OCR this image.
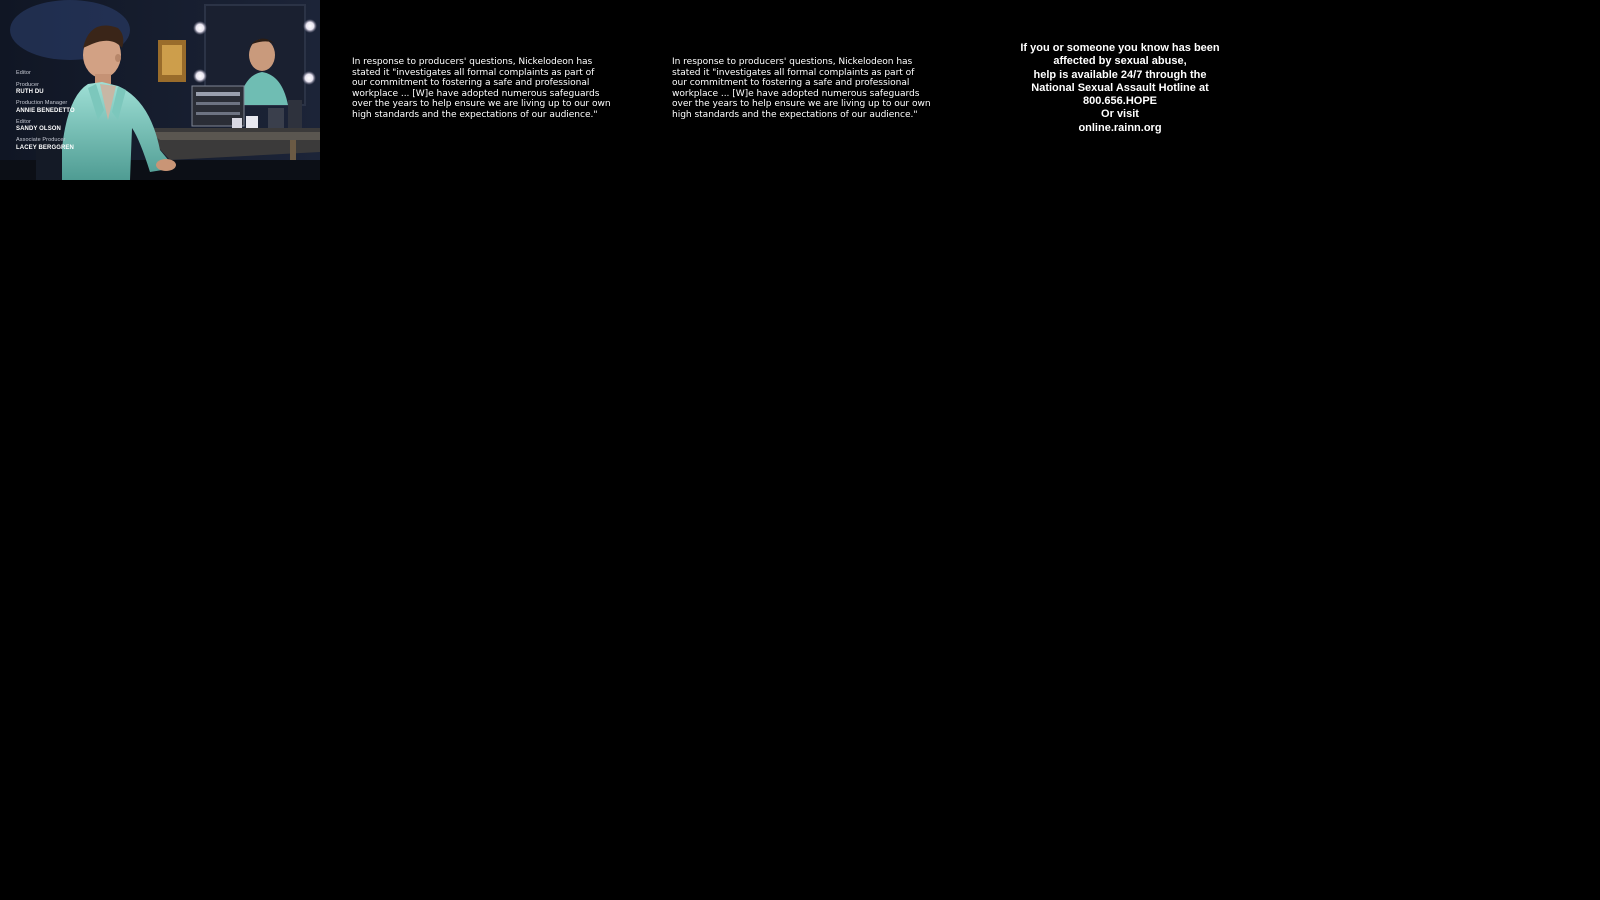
Editor
Producer
RUTH DU
Production Manager
ANNIE BENEDETTO
Editor
SANDY OLSON
Associate Producer
LACEY BERGGREN
In response to producers' questions, Nickelodeon has
stated it "investigates all formal complaints as part of
our commitment to fostering a safe and professional
workplace ... [W]e have adopted numerous safeguards
over the years to help ensure we are living up to our own
high standards and the expectations of our audience."
In response to producers' questions, Nickelodeon has
stated it "investigates all formal complaints as part of
our commitment to fostering a safe and professional
workplace ... [W]e have adopted numerous safeguards
over the years to help ensure we are living up to our own
high standards and the expectations of our audience."
If you or someone you know has been
affected by sexual abuse,
help is available 24/7 through the
National Sexual Assault Hotline at
800.656.HOPE
Or visit
online.rainn.org
